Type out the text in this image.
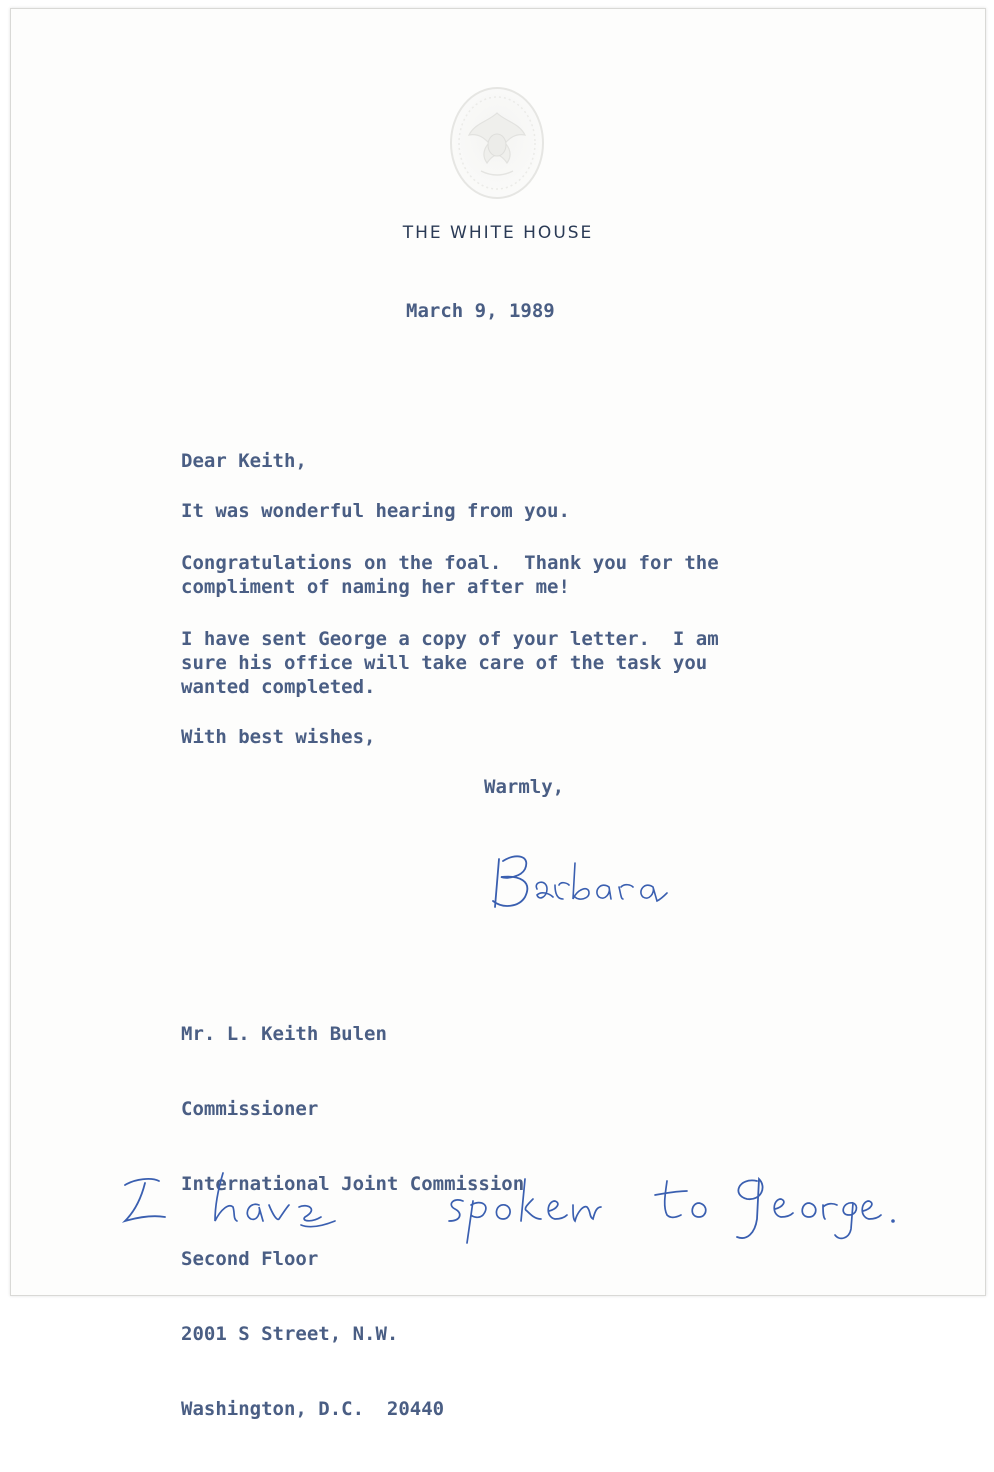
THE WHITE HOUSE
March 9, 1989
Dear Keith,
It was wonderful hearing from you.
Congratulations on the foal.  Thank you for the
compliment of naming her after me!
I have sent George a copy of your letter.  I am
sure his office will take care of the task you
wanted completed.
With best wishes,
Warmly,

Mr. L. Keith Bulen

Commissioner

International Joint Commission

Second Floor

2001 S Street, N.W.

Washington, D.C.  20440
